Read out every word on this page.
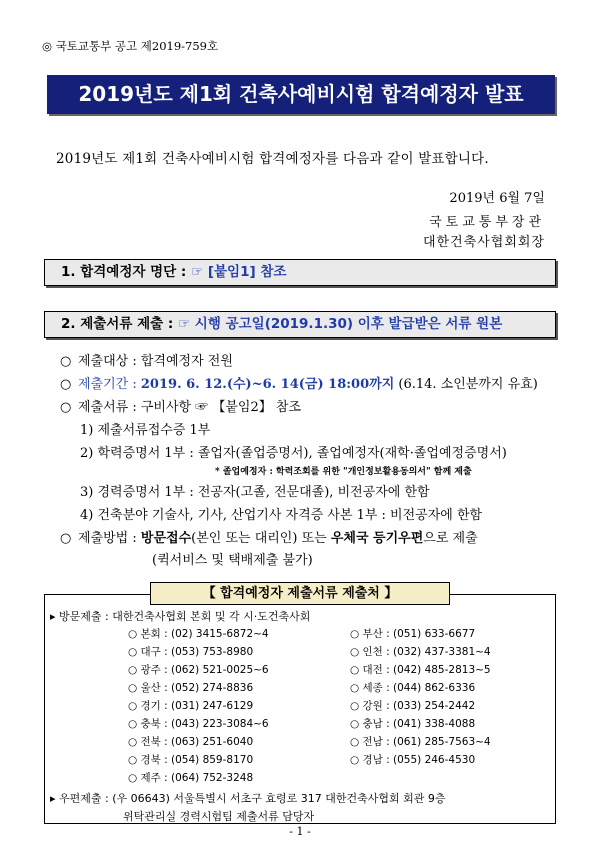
◎ 국토교통부 공고 제2019-759호
2019년도 제1회 건축사예비시험 합격예정자 발표
2019년도 제1회 건축사예비시험 합격예정자를 다음과 같이 발표합니다.
2019년 6월 7일
국토교통부장관
대한건축사협회회장
1. 합격예정자 명단 : ☞ [붙임1] 참조
2. 제출서류 제출 : ☞ 시행 공고일(2019.1.30) 이후 발급받은 서류 원본
○ 제출대상 : 합격예정자 전원
○ 제출기간 : 2019. 6. 12.(수)~6. 14(금) 18:00까지 (6.14. 소인분까지 유효)
○ 제출서류 : 구비사항 ☞ 【붙임2】 참조
1) 제출서류접수증 1부
2) 학력증명서 1부 : 졸업자(졸업증명서), 졸업예정자(재학·졸업예정증명서)
* 졸업예정자 : 학력조회를 위한 "개인정보활용동의서" 함께 제출
3) 경력증명서 1부 : 전공자(고졸, 전문대졸), 비전공자에 한함
4) 건축분야 기술사, 기사, 산업기사 자격증 사본 1부 : 비전공자에 한함
○ 제출방법 : 방문접수(본인 또는 대리인) 또는 우체국 등기우편으로 제출
(퀵서비스 및 택배제출 불가)
【 합격예정자 제출서류 제출처 】
▸ 방문제출 : 대한건축사협회 본회 및 각 시·도건축사회
○ 본회 : (02) 3415-6872~4
○ 대구 : (053) 753-8980
○ 광주 : (062) 521-0025~6
○ 울산 : (052) 274-8836
○ 경기 : (031) 247-6129
○ 충북 : (043) 223-3084~6
○ 전북 : (063) 251-6040
○ 경북 : (054) 859-8170
○ 제주 : (064) 752-3248
○ 부산 : (051) 633-6677
○ 인천 : (032) 437-3381~4
○ 대전 : (042) 485-2813~5
○ 세종 : (044) 862-6336
○ 강원 : (033) 254-2442
○ 충남 : (041) 338-4088
○ 전남 : (061) 285-7563~4
○ 경남 : (055) 246-4530
▸ 우편제출 : (우 06643) 서울특별시 서초구 효령로 317 대한건축사협회 회관 9층
위탁관리실 경력시험팀 제출서류 담당자
- 1 -
